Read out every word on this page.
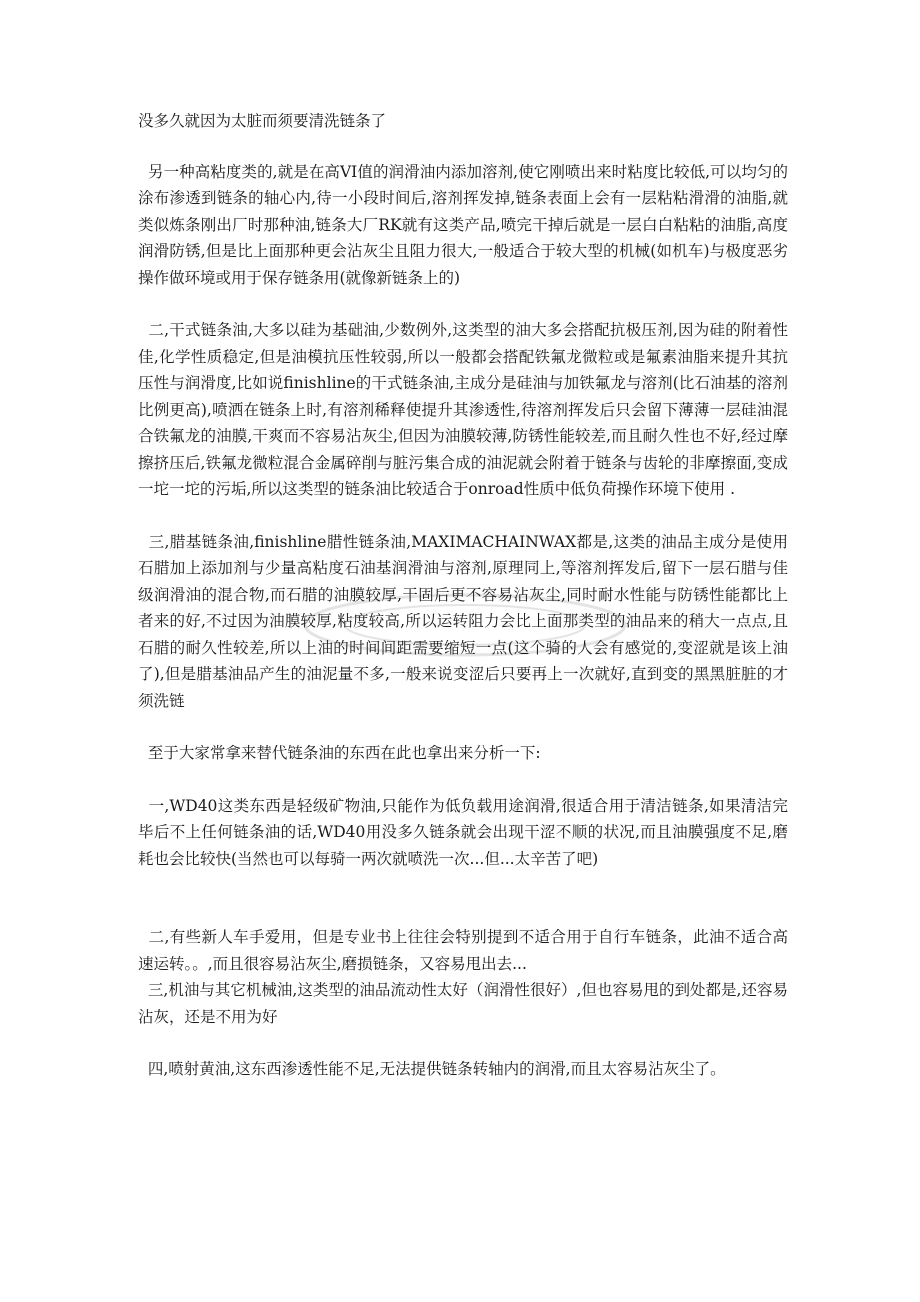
没多久就因为太脏而须要清洗链条了

另一种高粘度类的,就是在高VI值的润滑油内添加溶剂,使它刚喷出来时粘度比较低,可以均匀的涂布渗透到链条的轴心内,待一小段时间后,溶剂挥发掉,链条表面上会有一层粘粘滑滑的油脂,就类似炼条刚出厂时那种油,链条大厂RK就有这类产品,喷完干掉后就是一层白白粘粘的油脂,高度润滑防锈,但是比上面那种更会沾灰尘且阻力很大,一般适合于较大型的机械(如机车)与极度恶劣操作做环境或用于保存链条用(就像新链条上的)

二,干式链条油,大多以硅为基础油,少数例外,这类型的油大多会搭配抗极压剂,因为硅的附着性佳,化学性质稳定,但是油模抗压性较弱,所以一般都会搭配铁氟龙微粒或是氟素油脂来提升其抗压性与润滑度,比如说finishline的干式链条油,主成分是硅油与加铁氟龙与溶剂(比石油基的溶剂比例更高),喷洒在链条上时,有溶剂稀释使提升其渗透性,待溶剂挥发后只会留下薄薄一层硅油混合铁氟龙的油膜,干爽而不容易沾灰尘,但因为油膜较薄,防锈性能较差,而且耐久性也不好,经过摩擦挤压后,铁氟龙微粒混合金属碎削与脏污集合成的油泥就会附着于链条与齿轮的非摩擦面,变成一坨一坨的污垢,所以这类型的链条油比较适合于onroad性质中低负荷操作环境下使用 .

三,腊基链条油,finishline腊性链条油,MAXIMACHAINWAX都是,这类的油品主成分是使用石腊加上添加剂与少量高粘度石油基润滑油与溶剂,原理同上,等溶剂挥发后,留下一层石腊与佳级润滑油的混合物,而石腊的油膜较厚,干固后更不容易沾灰尘,同时耐水性能与防锈性能都比上者来的好,不过因为油膜较厚,粘度较高,所以运转阻力会比上面那类型的油品来的稍大一点点,且石腊的耐久性较差,所以上油的时间间距需要缩短一点(这个骑的人会有感觉的,变涩就是该上油了),但是腊基油品产生的油泥量不多,一般来说变涩后只要再上一次就好,直到变的黑黑脏脏的才须洗链

至于大家常拿来替代链条油的东西在此也拿出来分析一下:

一,WD40这类东西是轻级矿物油,只能作为低负载用途润滑,很适合用于清洁链条,如果清洁完毕后不上任何链条油的话,WD40用没多久链条就会出现干涩不顺的状况,而且油膜强度不足,磨耗也会比较快(当然也可以每骑一两次就喷洗一次...但...太辛苦了吧)

二,有些新人车手爱用，但是专业书上往往会特别提到不适合用于自行车链条，此油不适合高速运转。。,而且很容易沾灰尘,磨损链条，又容易甩出去...

三,机油与其它机械油,这类型的油品流动性太好（润滑性很好）,但也容易甩的到处都是,还容易沾灰，还是不用为好

四,喷射黄油,这东西渗透性能不足,无法提供链条转轴内的润滑,而且太容易沾灰尘了。
